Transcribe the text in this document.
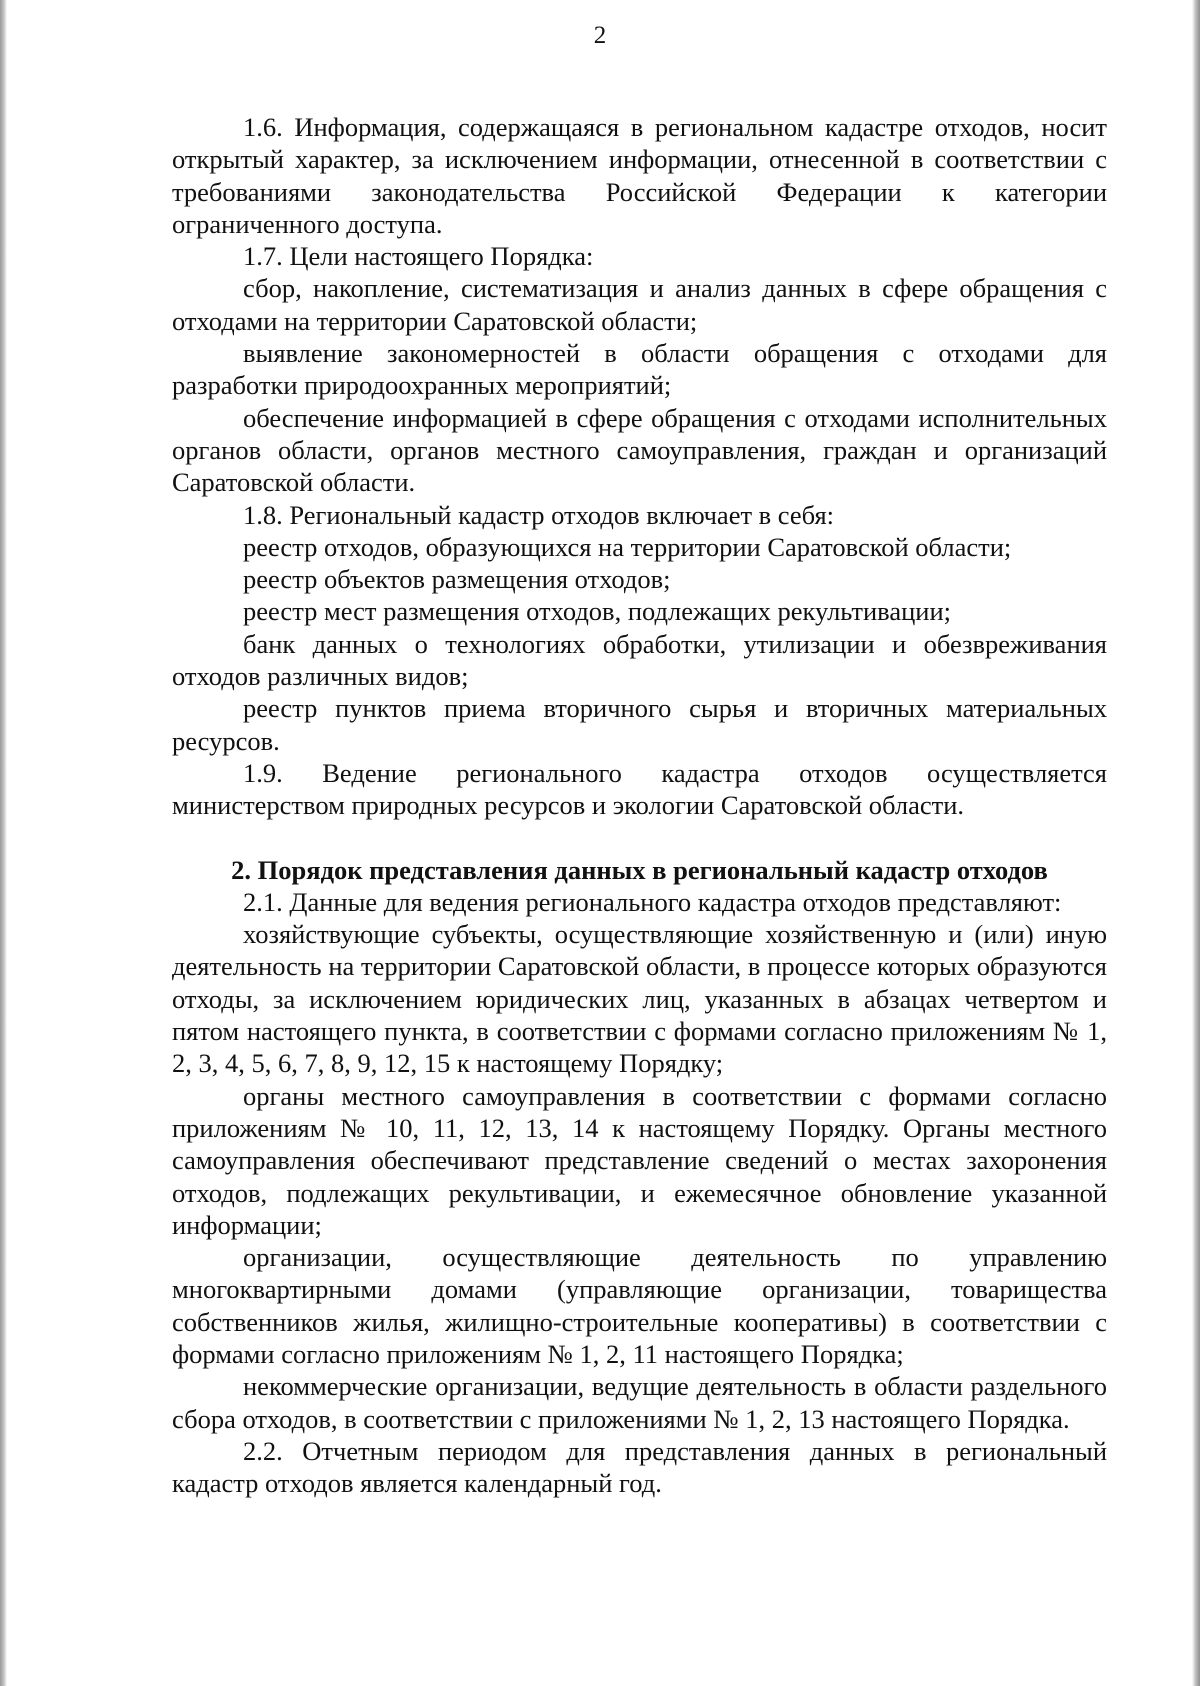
2

1.6. Информация, содержащаяся в региональном кадастре отходов, носит открытый характер, за исключением информации, отнесенной в соответствии с требованиями законодательства Российской Федерации к категории ограниченного доступа.

1.7. Цели настоящего Порядка:

сбор, накопление, систематизация и анализ данных в сфере обращения с отходами на территории Саратовской области;

выявление закономерностей в области обращения с отходами для разработки природоохранных мероприятий;

обеспечение информацией в сфере обращения с отходами исполнительных органов области, органов местного самоуправления, граждан и организаций Саратовской области.

1.8. Региональный кадастр отходов включает в себя:

реестр отходов, образующихся на территории Саратовской области;

реестр объектов размещения отходов;

реестр мест размещения отходов, подлежащих рекультивации;

банк данных о технологиях обработки, утилизации и обезвреживания отходов различных видов;

реестр пунктов приема вторичного сырья и вторичных материальных ресурсов.

1.9. Ведение регионального кадастра отходов осуществляется министерством природных ресурсов и экологии Саратовской области.

2. Порядок представления данных в региональный кадастр отходов

2.1. Данные для ведения регионального кадастра отходов представляют:

хозяйствующие субъекты, осуществляющие хозяйственную и (или) иную деятельность на территории Саратовской области, в процессе которых образуются отходы, за исключением юридических лиц, указанных в абзацах четвертом и пятом настоящего пункта, в соответствии с формами согласно приложениям № 1, 2, 3, 4, 5, 6, 7, 8, 9, 12, 15 к настоящему Порядку;

органы местного самоуправления в соответствии с формами согласно приложениям № 10, 11, 12, 13, 14 к настоящему Порядку. Органы местного самоуправления обеспечивают представление сведений о местах захоронения отходов, подлежащих рекультивации, и ежемесячное обновление указанной информации;

организации, осуществляющие деятельность по управлению многоквартирными домами (управляющие организации, товарищества собственников жилья, жилищно-строительные кооперативы) в соответствии с формами согласно приложениям № 1, 2, 11 настоящего Порядка;

некоммерческие организации, ведущие деятельность в области раздельного сбора отходов, в соответствии с приложениями № 1, 2, 13 настоящего Порядка.

2.2. Отчетным периодом для представления данных в региональный кадастр отходов является календарный год.
